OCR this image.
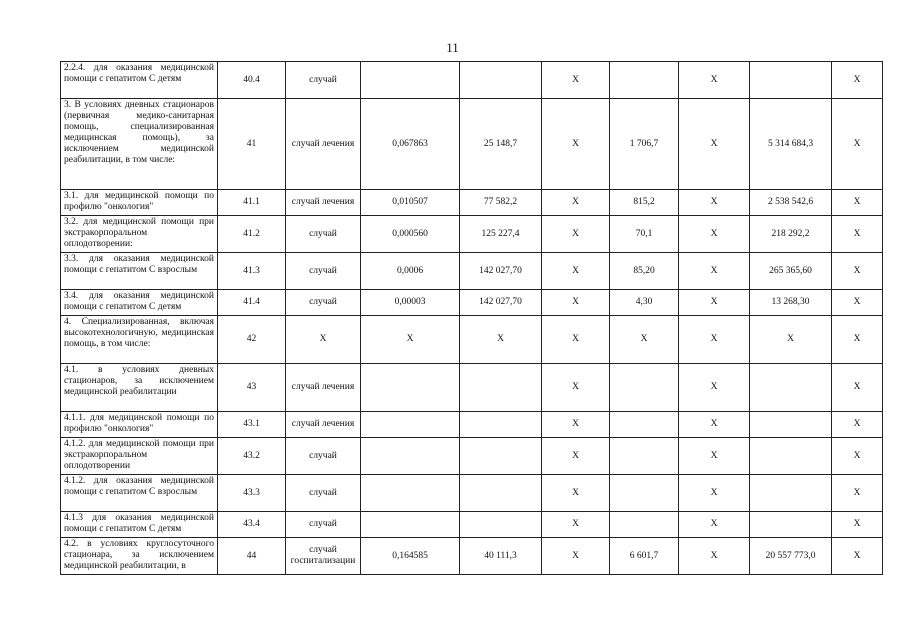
11
2.2.4. для оказания медицинской помощи с гепатитом С детям	40.4	случай			Х		Х		Х
3. В условиях дневных стационаров (первичная медико-санитарная помощь, специализированная медицинская помощь), за исключением медицинской реабилитации, в том числе:	41	случай лечения	0,067863	25 148,7	Х	1 706,7	Х	5 314 684,3	Х
3.1. для медицинской помощи по профилю "онкология"	41.1	случай лечения	0,010507	77 582,2	Х	815,2	Х	2 538 542,6	Х
3.2. для медицинской помощи при экстракорпоральном оплодотворении:	41.2	случай	0,000560	125 227,4	Х	70,1	Х	218 292,2	Х
3.3. для оказания медицинской помощи с гепатитом С взрослым	41.3	случай	0,0006	142 027,70	Х	85,20	Х	265 365,60	Х
3.4. для оказания медицинской помощи с гепатитом С детям	41.4	случай	0,00003	142 027,70	Х	4,30	Х	13 268,30	Х
4. Специализированная, включая высокотехнологичную, медицинская помощь, в том числе:	42	Х	Х	Х	Х	Х	Х	Х	Х
4.1. в условиях дневных стационаров, за исключением медицинской реабилитации	43	случай лечения			Х		Х		Х
4.1.1. для медицинской помощи по профилю "онкология"	43.1	случай лечения			Х		Х		Х
4.1.2. для медицинской помощи при экстракорпоральном оплодотворении	43.2	случай			Х		Х		Х
4.1.2. для оказания медицинской помощи с гепатитом С взрослым	43.3	случай			Х		Х		Х
4.1.3 для оказания медицинской помощи с гепатитом С детям	43.4	случай			Х		Х		Х
4.2. в условиях круглосуточного стационара, за исключением медицинской реабилитации, в	44	случай госпитализации	0,164585	40 111,3	Х	6 601,7	Х	20 557 773,0	Х
